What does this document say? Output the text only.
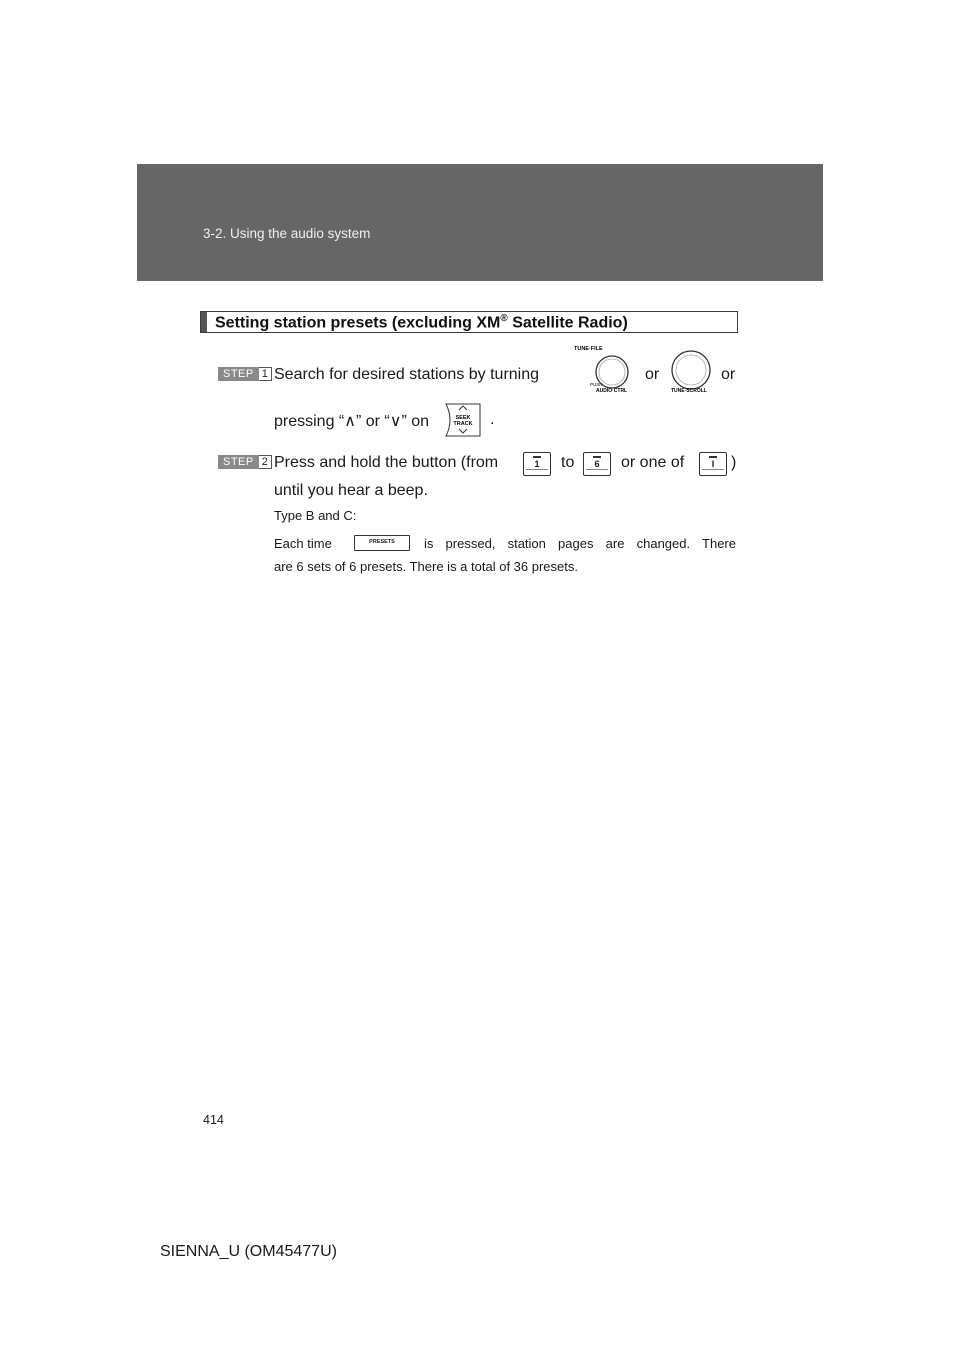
3-2. Using the audio system
Setting station presets (excluding XM® Satellite Radio)
STEP 1 Search for desired stations by turning
TUNE·FILE
PUSH
AUDIO·CTRL
or
TUNE·SCROLL
or
pressing “∧” or “∨” on	SEEK
TRACK .
STEP 2 Press and hold the button (from	1	to	6	or one of	I	)
until you hear a beep.
Type B and C:
Each time	PRESETS	is pressed, station pages are changed. There
are 6 sets of 6 presets. There is a total of 36 presets.
414
SIENNA_U (OM45477U)
